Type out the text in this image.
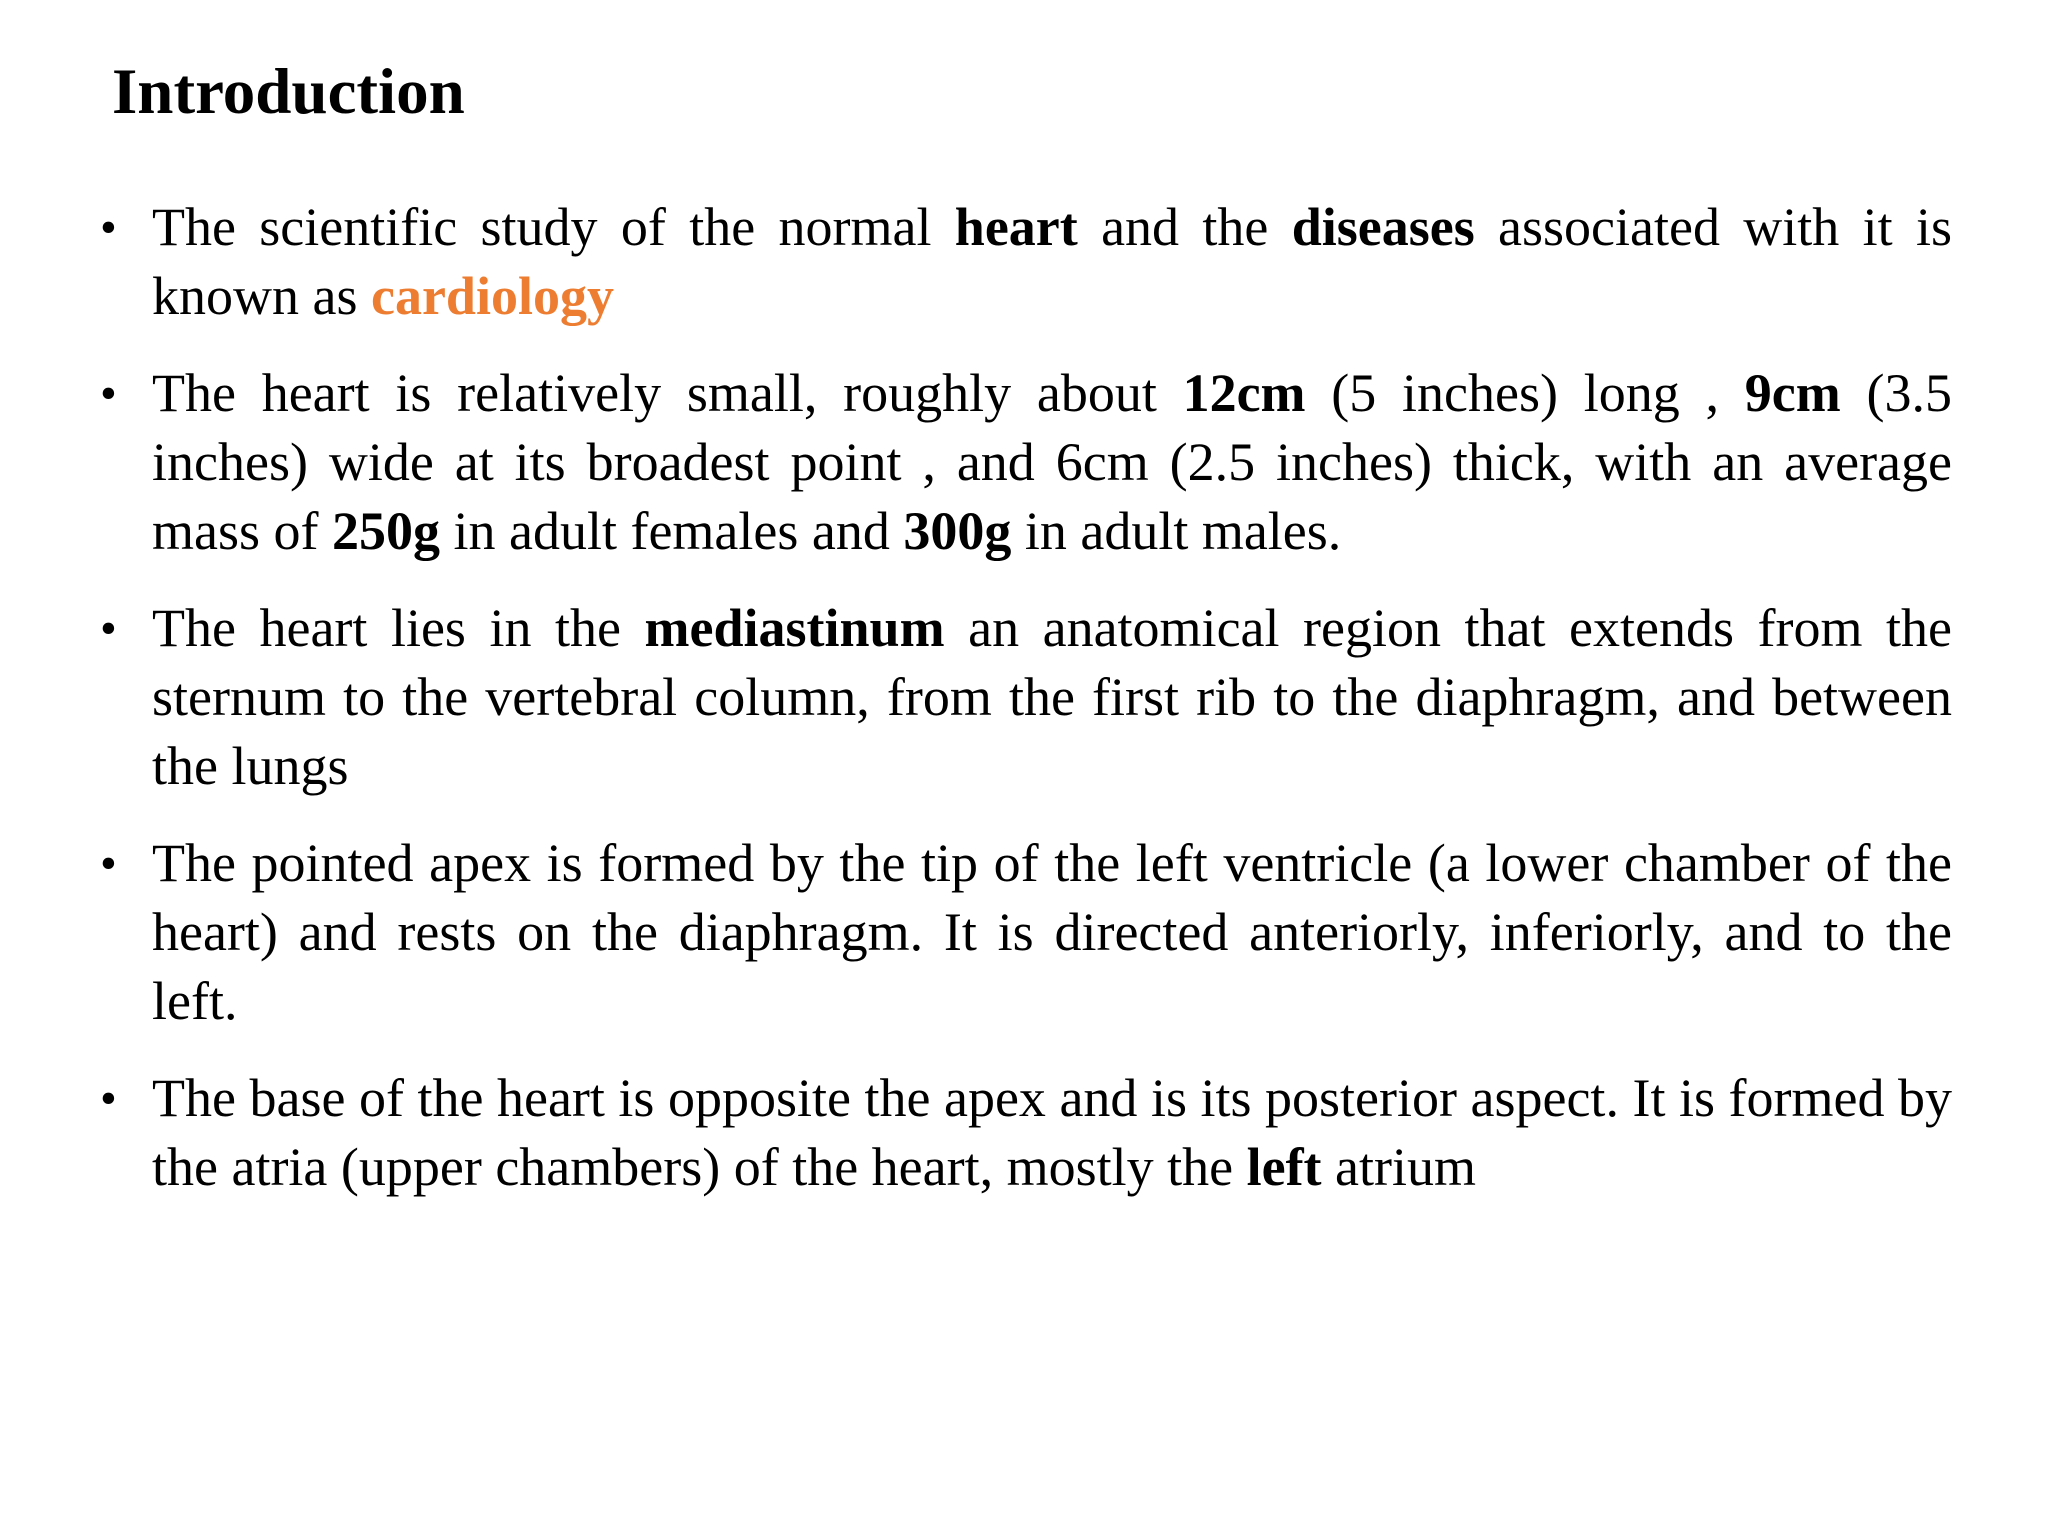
Introduction
• The scientific study of the normal heart and the diseases associated with it is known as cardiology
• The heart is relatively small, roughly about 12cm (5 inches) long , 9cm (3.5 inches) wide at its broadest point , and 6cm (2.5 inches) thick, with an average mass of 250g in adult females and 300g in adult males.
• The heart lies in the mediastinum an anatomical region that extends from the sternum to the vertebral column, from the first rib to the diaphragm, and between the lungs
• The pointed apex is formed by the tip of the left ventricle (a lower chamber of the heart) and rests on the diaphragm. It is directed anteriorly, inferiorly, and to the left.
• The base of the heart is opposite the apex and is its posterior aspect. It is formed by the atria (upper chambers) of the heart, mostly the left atrium
